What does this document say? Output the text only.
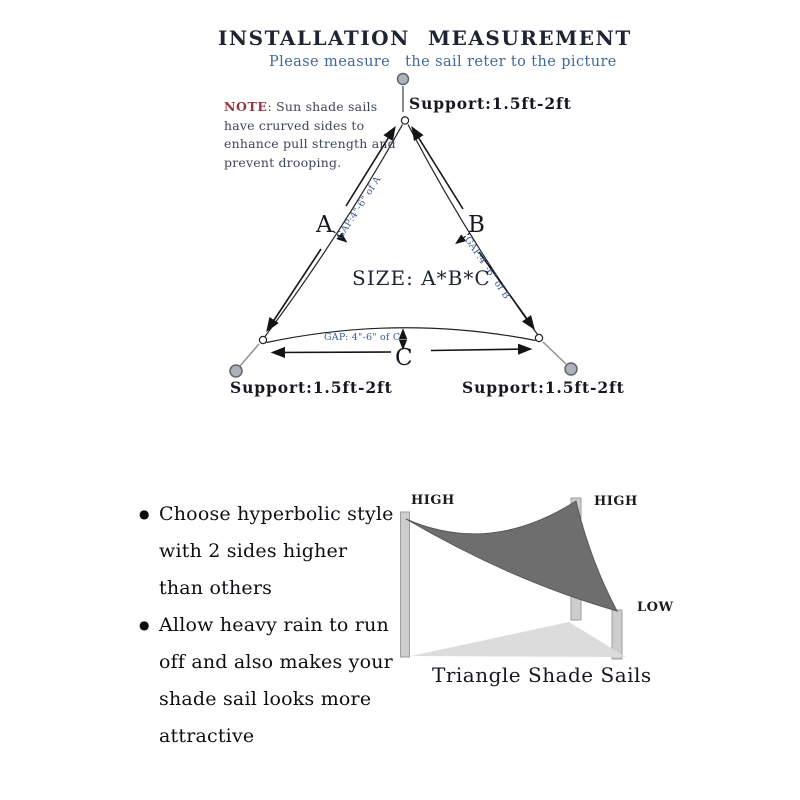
INSTALLATION MEASUREMENT
Please measure   the sail reter to the picture
NOTE: Sun shade sails have crurved sides to enhance pull strength and prevent drooping.
Support:1.5ft-2ft
Support:1.5ft-2ft	Support:1.5ft-2ft
A	B
C
GAP:4"-6" of A
GAP:4"-6" of B
GAP: 4"-6" of C
SIZE: A*B*C
●
Choose hyperbolic style with 2 sides higher than others
●
Allow heavy rain to run off and also makes your shade sail looks more attractive
HIGH	HIGH
LOW
Triangle Shade Sails
